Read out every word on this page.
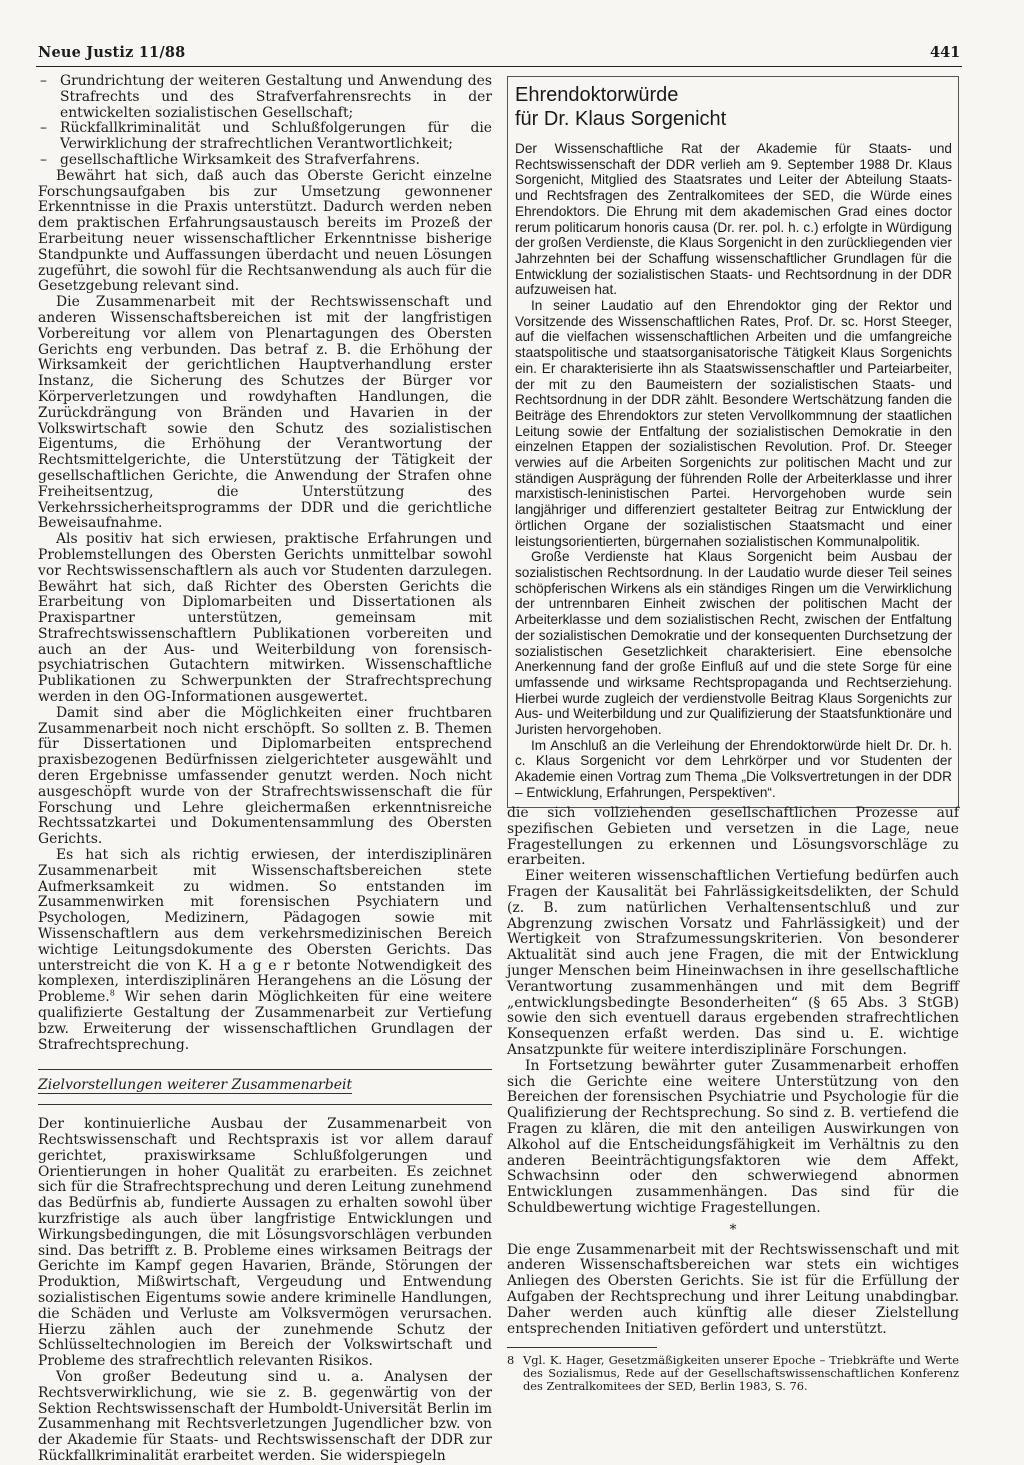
Neue Justiz 11/88	441
– Grundrichtung der weiteren Gestaltung und Anwendung des Strafrechts und des Strafverfahrensrechts in der entwickelten sozialistischen Gesellschaft;
– Rückfallkriminalität und Schlußfolgerungen für die Verwirklichung der strafrechtlichen Verantwortlichkeit;
– gesellschaftliche Wirksamkeit des Strafverfahrens.

Bewährt hat sich, daß auch das Oberste Gericht einzelne Forschungsaufgaben bis zur Umsetzung gewonnener Erkenntnisse in die Praxis unterstützt. Dadurch werden neben dem praktischen Erfahrungsaustausch bereits im Prozeß der Erarbeitung neuer wissenschaftlicher Erkenntnisse bisherige Standpunkte und Auffassungen überdacht und neuen Lösungen zugeführt, die sowohl für die Rechtsanwendung als auch für die Gesetzgebung relevant sind.

Die Zusammenarbeit mit der Rechtswissenschaft und anderen Wissenschaftsbereichen ist mit der langfristigen Vorbereitung vor allem von Plenartagungen des Obersten Gerichts eng verbunden. Das betraf z. B. die Erhöhung der Wirksamkeit der gerichtlichen Hauptverhandlung erster Instanz, die Sicherung des Schutzes der Bürger vor Körperverletzungen und rowdyhaften Handlungen, die Zurückdrängung von Bränden und Havarien in der Volkswirtschaft sowie den Schutz des sozialistischen Eigentums, die Erhöhung der Verantwortung der Rechtsmittelgerichte, die Unterstützung der Tätigkeit der gesellschaftlichen Gerichte, die Anwendung der Strafen ohne Freiheitsentzug, die Unterstützung des Verkehrssicherheitsprogramms der DDR und die gerichtliche Beweisaufnahme.

Als positiv hat sich erwiesen, praktische Erfahrungen und Problemstellungen des Obersten Gerichts unmittelbar sowohl vor Rechtswissenschaftlern als auch vor Studenten darzulegen. Bewährt hat sich, daß Richter des Obersten Gerichts die Erarbeitung von Diplomarbeiten und Dissertationen als Praxispartner unterstützen, gemeinsam mit Strafrechtswissenschaftlern Publikationen vorbereiten und auch an der Aus- und Weiterbildung von forensisch-psychiatrischen Gutachtern mitwirken. Wissenschaftliche Publikationen zu Schwerpunkten der Strafrechtsprechung werden in den OG-Informationen ausgewertet.

Damit sind aber die Möglichkeiten einer fruchtbaren Zusammenarbeit noch nicht erschöpft. So sollten z. B. Themen für Dissertationen und Diplomarbeiten entsprechend praxisbezogenen Bedürfnissen zielgerichteter ausgewählt und deren Ergebnisse umfassender genutzt werden. Noch nicht ausgeschöpft wurde von der Strafrechtswissenschaft die für Forschung und Lehre gleichermaßen erkenntnisreiche Rechtssatzkartei und Dokumentensammlung des Obersten Gerichts.

Es hat sich als richtig erwiesen, der interdisziplinären Zusammenarbeit mit Wissenschaftsbereichen stete Aufmerksamkeit zu widmen. So entstanden im Zusammenwirken mit forensischen Psychiatern und Psychologen, Medizinern, Pädagogen sowie mit Wissenschaftlern aus dem verkehrsmedizinischen Bereich wichtige Leitungsdokumente des Obersten Gerichts. Das unterstreicht die von K. H a g e r betonte Notwendigkeit des komplexen, interdisziplinären Herangehens an die Lösung der Probleme.$^8$ Wir sehen darin Möglichkeiten für eine weitere qualifizierte Gestaltung der Zusammenarbeit zur Vertiefung bzw. Erweiterung der wissenschaftlichen Grundlagen der Strafrechtsprechung.

Zielvorstellungen weiterer Zusammenarbeit

Der kontinuierliche Ausbau der Zusammenarbeit von Rechtswissenschaft und Rechtspraxis ist vor allem darauf gerichtet, praxiswirksame Schlußfolgerungen und Orientierungen in hoher Qualität zu erarbeiten. Es zeichnet sich für die Strafrechtsprechung und deren Leitung zunehmend das Bedürfnis ab, fundierte Aussagen zu erhalten sowohl über kurzfristige als auch über langfristige Entwicklungen und Wirkungsbedingungen, die mit Lösungsvorschlägen verbunden sind. Das betrifft z. B. Probleme eines wirksamen Beitrags der Gerichte im Kampf gegen Havarien, Brände, Störungen der Produktion, Mißwirtschaft, Vergeudung und Entwendung sozialistischen Eigentums sowie andere kriminelle Handlungen, die Schäden und Verluste am Volksvermögen verursachen. Hierzu zählen auch der zunehmende Schutz der Schlüsseltechnologien im Bereich der Volkswirtschaft und Probleme des strafrechtlich relevanten Risikos.

Von großer Bedeutung sind u. a. Analysen der Rechtsverwirklichung, wie sie z. B. gegenwärtig von der Sektion Rechtswissenschaft der Humboldt-Universität Berlin im Zusammenhang mit Rechtsverletzungen Jugendlicher bzw. von der Akademie für Staats- und Rechtswissenschaft der DDR zur Rückfallkriminalität erarbeitet werden. Sie widerspiegeln

Ehrendoktorwürde
für Dr. Klaus Sorgenicht

Der Wissenschaftliche Rat der Akademie für Staats- und Rechtswissenschaft der DDR verlieh am 9. September 1988 Dr. Klaus Sorgenicht, Mitglied des Staatsrates und Leiter der Abteilung Staats- und Rechtsfragen des Zentralkomitees der SED, die Würde eines Ehrendoktors. Die Ehrung mit dem akademischen Grad eines doctor rerum politicarum honoris causa (Dr. rer. pol. h. c.) erfolgte in Würdigung der großen Verdienste, die Klaus Sorgenicht in den zurückliegenden vier Jahrzehnten bei der Schaffung wissenschaftlicher Grundlagen für die Entwicklung der sozialistischen Staats- und Rechtsordnung in der DDR aufzuweisen hat.

In seiner Laudatio auf den Ehrendoktor ging der Rektor und Vorsitzende des Wissenschaftlichen Rates, Prof. Dr. sc. Horst Steeger, auf die vielfachen wissenschaftlichen Arbeiten und die umfangreiche staatspolitische und staatsorganisatorische Tätigkeit Klaus Sorgenichts ein. Er charakterisierte ihn als Staatswissenschaftler und Parteiarbeiter, der mit zu den Baumeistern der sozialistischen Staats- und Rechtsordnung in der DDR zählt. Besondere Wertschätzung fanden die Beiträge des Ehrendoktors zur steten Vervollkommnung der staatlichen Leitung sowie der Entfaltung der sozialistischen Demokratie in den einzelnen Etappen der sozialistischen Revolution. Prof. Dr. Steeger verwies auf die Arbeiten Sorgenichts zur politischen Macht und zur ständigen Ausprägung der führenden Rolle der Arbeiterklasse und ihrer marxistisch-leninistischen Partei. Hervorgehoben wurde sein langjähriger und differenziert gestalteter Beitrag zur Entwicklung der örtlichen Organe der sozialistischen Staatsmacht und einer leistungsorientierten, bürgernahen sozialistischen Kommunalpolitik.

Große Verdienste hat Klaus Sorgenicht beim Ausbau der sozialistischen Rechtsordnung. In der Laudatio wurde dieser Teil seines schöpferischen Wirkens als ein ständiges Ringen um die Verwirklichung der untrennbaren Einheit zwischen der politischen Macht der Arbeiterklasse und dem sozialistischen Recht, zwischen der Entfaltung der sozialistischen Demokratie und der konsequenten Durchsetzung der sozialistischen Gesetzlichkeit charakterisiert. Eine ebensolche Anerkennung fand der große Einfluß auf und die stete Sorge für eine umfassende und wirksame Rechtspropaganda und Rechtserziehung. Hierbei wurde zugleich der verdienstvolle Beitrag Klaus Sorgenichts zur Aus- und Weiterbildung und zur Qualifizierung der Staatsfunktionäre und Juristen hervorgehoben.

Im Anschluß an die Verleihung der Ehrendoktorwürde hielt Dr. Dr. h. c. Klaus Sorgenicht vor dem Lehrkörper und vor Studenten der Akademie einen Vortrag zum Thema „Die Volksvertretungen in der DDR – Entwicklung, Erfahrungen, Perspektiven“.

die sich vollziehenden gesellschaftlichen Prozesse auf spezifischen Gebieten und versetzen in die Lage, neue Fragestellungen zu erkennen und Lösungsvorschläge zu erarbeiten.

Einer weiteren wissenschaftlichen Vertiefung bedürfen auch Fragen der Kausalität bei Fahrlässigkeitsdelikten, der Schuld (z. B. zum natürlichen Verhaltensentschluß und zur Abgrenzung zwischen Vorsatz und Fahrlässigkeit) und der Wertigkeit von Strafzumessungskriterien. Von besonderer Aktualität sind auch jene Fragen, die mit der Entwicklung junger Menschen beim Hineinwachsen in ihre gesellschaftliche Verantwortung zusammenhängen und mit dem Begriff „entwicklungsbedingte Besonderheiten“ (§ 65 Abs. 3 StGB) sowie den sich eventuell daraus ergebenden strafrechtlichen Konsequenzen erfaßt werden. Das sind u. E. wichtige Ansatzpunkte für weitere interdisziplinäre Forschungen.

In Fortsetzung bewährter guter Zusammenarbeit erhoffen sich die Gerichte eine weitere Unterstützung von den Bereichen der forensischen Psychiatrie und Psychologie für die Qualifizierung der Rechtsprechung. So sind z. B. vertiefend die Fragen zu klären, die mit den anteiligen Auswirkungen von Alkohol auf die Entscheidungsfähigkeit im Verhältnis zu den anderen Beeinträchtigungsfaktoren wie dem Affekt, Schwachsinn oder den schwerwiegend abnormen Entwicklungen zusammenhängen. Das sind für die Schuldbewertung wichtige Fragestellungen.

*

Die enge Zusammenarbeit mit der Rechtswissenschaft und mit anderen Wissenschaftsbereichen war stets ein wichtiges Anliegen des Obersten Gerichts. Sie ist für die Erfüllung der Aufgaben der Rechtsprechung und ihrer Leitung unabdingbar. Daher werden auch künftig alle dieser Zielstellung entsprechenden Initiativen gefördert und unterstützt.

8 Vgl. K. Hager, Gesetzmäßigkeiten unserer Epoche – Triebkräfte und Werte des Sozialismus, Rede auf der Gesellschaftswissenschaftlichen Konferenz des Zentralkomitees der SED, Berlin 1983, S. 76.
